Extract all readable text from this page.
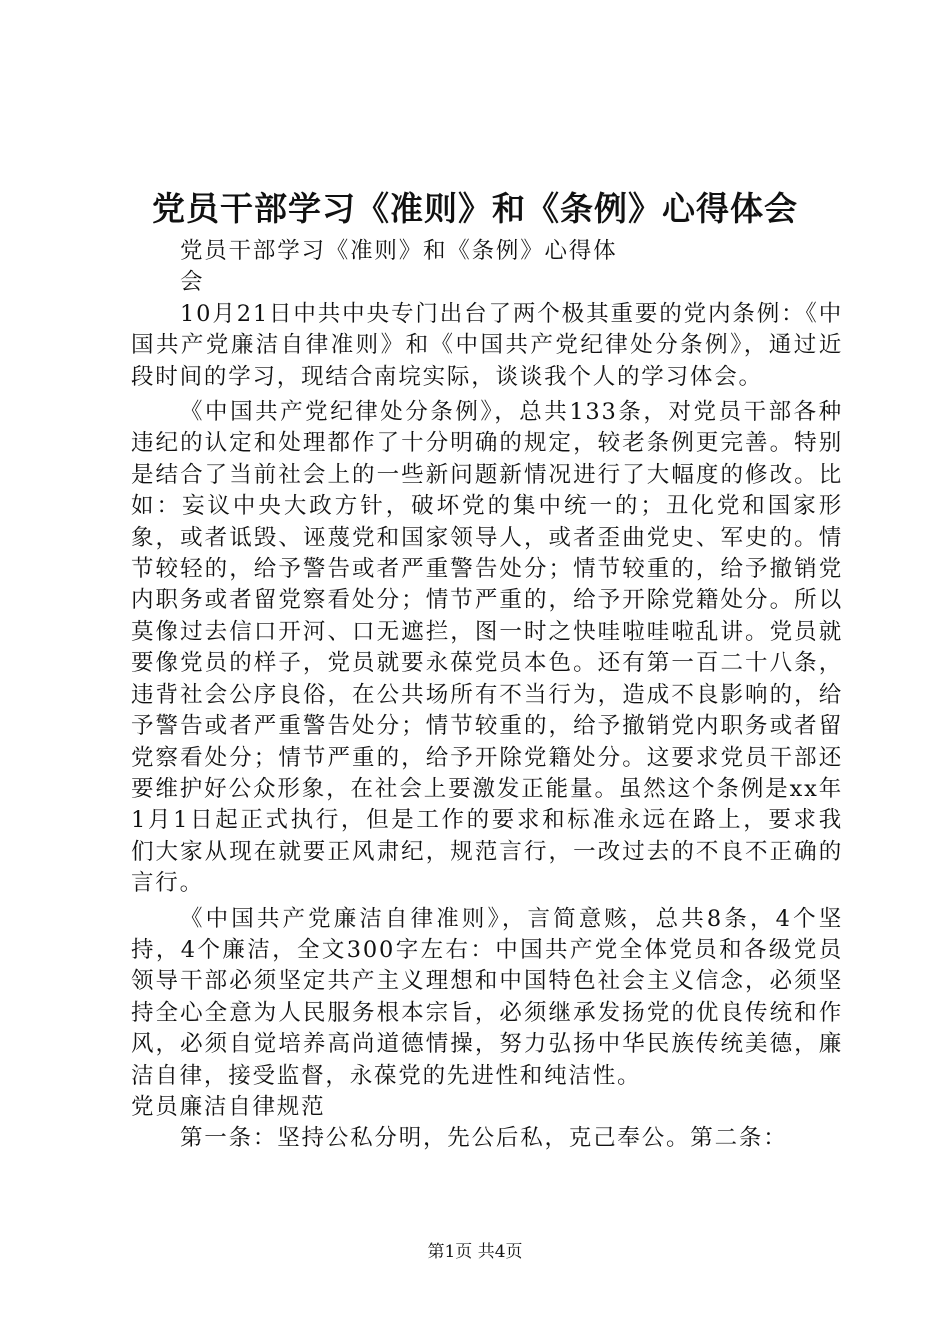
党员干部学习《准则》和《条例》心得体会

党员干部学习《准则》和《条例》心得体会

10月21日中共中央专门出台了两个极其重要的党内条例：《中国共产党廉洁自律准则》和《中国共产党纪律处分条例》，通过近段时间的学习，现结合南垸实际，谈谈我个人的学习体会。

《中国共产党纪律处分条例》，总共133条，对党员干部各种违纪的认定和处理都作了十分明确的规定，较老条例更完善。特别是结合了当前社会上的一些新问题新情况进行了大幅度的修改。比如：妄议中央大政方针，破坏党的集中统一的；丑化党和国家形象，或者诋毁、诬蔑党和国家领导人，或者歪曲党史、军史的。情节较轻的，给予警告或者严重警告处分；情节较重的，给予撤销党内职务或者留党察看处分；情节严重的，给予开除党籍处分。所以莫像过去信口开河、口无遮拦，图一时之快哇啦哇啦乱讲。党员就要像党员的样子，党员就要永葆党员本色。还有第一百二十八条，违背社会公序良俗，在公共场所有不当行为，造成不良影响的，给予警告或者严重警告处分；情节较重的，给予撤销党内职务或者留党察看处分；情节严重的，给予开除党籍处分。这要求党员干部还要维护好公众形象，在社会上要激发正能量。虽然这个条例是xx年1月1日起正式执行，但是工作的要求和标准永远在路上，要求我们大家从现在就要正风肃纪，规范言行，一改过去的不良不正确的言行。

《中国共产党廉洁自律准则》，言简意赅，总共8条，4个坚持，4个廉洁，全文300字左右：中国共产党全体党员和各级党员领导干部必须坚定共产主义理想和中国特色社会主义信念，必须坚持全心全意为人民服务根本宗旨，必须继承发扬党的优良传统和作风，必须自觉培养高尚道德情操，努力弘扬中华民族传统美德，廉洁自律，接受监督，永葆党的先进性和纯洁性。

党员廉洁自律规范

第一条：坚持公私分明，先公后私，克己奉公。第二条：

第1页 共4页
